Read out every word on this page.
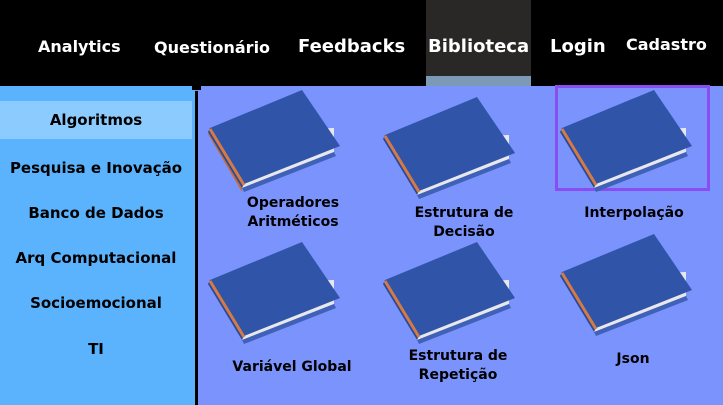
Analytics Questionário Feedbacks Biblioteca Login Cadastro
Algoritmos
Pesquisa e Inovação
Banco de Dados
Arq Computacional
Socioemocional
TI
Operadores
Aritméticos
Estrutura de
Decisão
Interpolação
Variável Global
Estrutura de
Repetição
Json
